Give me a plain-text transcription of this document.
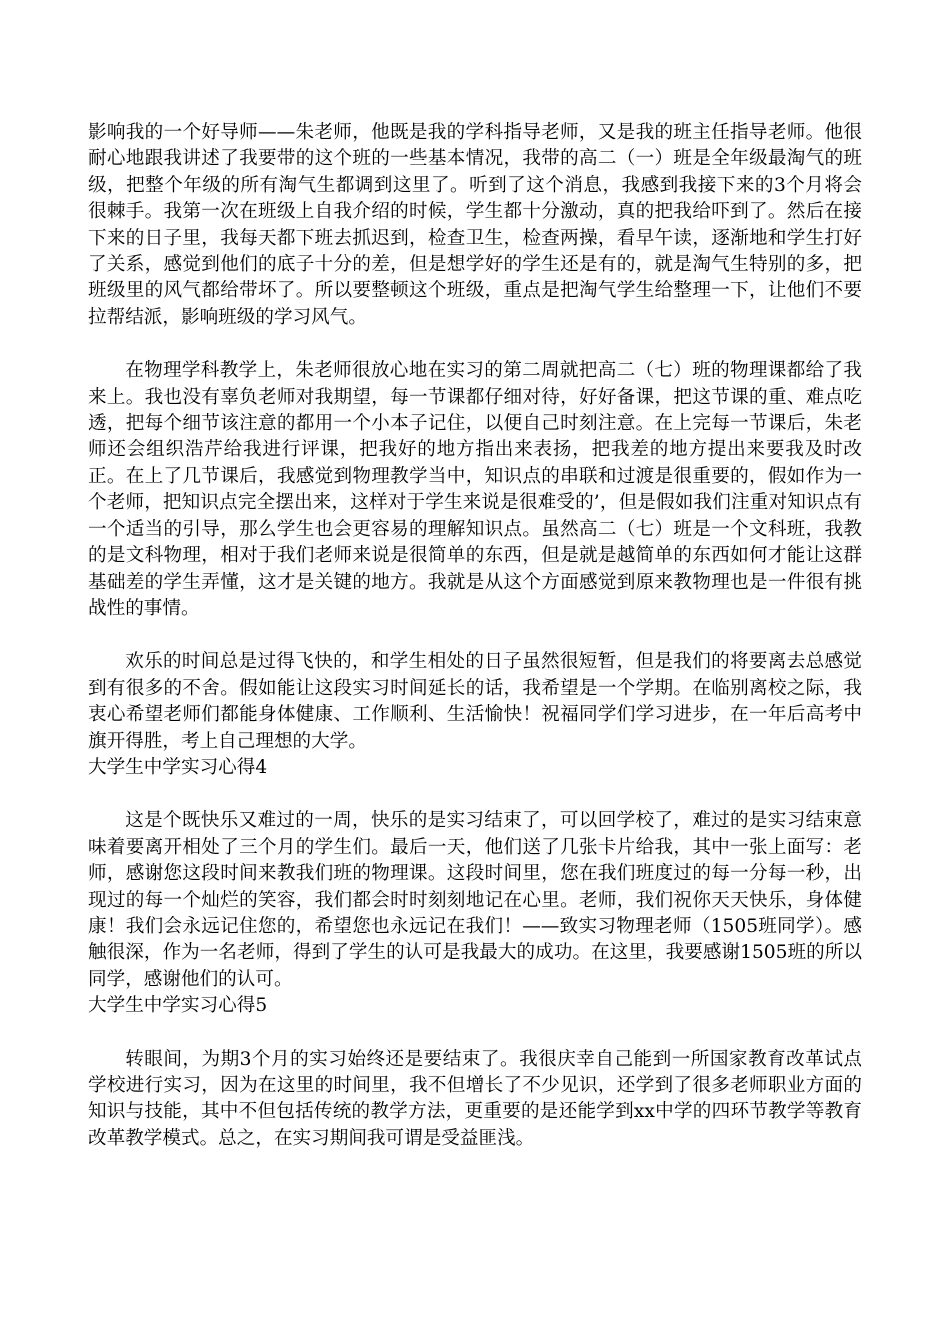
影响我的一个好导师——朱老师，他既是我的学科指导老师，又是我的班主任指导老师。他很耐心地跟我讲述了我要带的这个班的一些基本情况，我带的高二（一）班是全年级最淘气的班级，把整个年级的所有淘气生都调到这里了。听到了这个消息，我感到我接下来的3个月将会很棘手。我第一次在班级上自我介绍的时候，学生都十分激动，真的把我给吓到了。然后在接下来的日子里，我每天都下班去抓迟到，检查卫生，检查两操，看早午读，逐渐地和学生打好了关系，感觉到他们的底子十分的差，但是想学好的学生还是有的，就是淘气生特别的多，把班级里的风气都给带坏了。所以要整顿这个班级，重点是把淘气学生给整理一下，让他们不要拉帮结派，影响班级的学习风气。

在物理学科教学上，朱老师很放心地在实习的第二周就把高二（七）班的物理课都给了我来上。我也没有辜负老师对我期望，每一节课都仔细对待，好好备课，把这节课的重、难点吃透，把每个细节该注意的都用一个小本子记住，以便自己时刻注意。在上完每一节课后，朱老师还会组织浩芹给我进行评课，把我好的地方指出来表扬，把我差的地方提出来要我及时改正。在上了几节课后，我感觉到物理教学当中，知识点的串联和过渡是很重要的，假如作为一个老师，把知识点完全摆出来，这样对于学生来说是很难受的’，但是假如我们注重对知识点有一个适当的引导，那么学生也会更容易的理解知识点。虽然高二（七）班是一个文科班，我教的是文科物理，相对于我们老师来说是很简单的东西，但是就是越简单的东西如何才能让这群基础差的学生弄懂，这才是关键的地方。我就是从这个方面感觉到原来教物理也是一件很有挑战性的事情。

欢乐的时间总是过得飞快的，和学生相处的日子虽然很短暂，但是我们的将要离去总感觉到有很多的不舍。假如能让这段实习时间延长的话，我希望是一个学期。在临别离校之际，我衷心希望老师们都能身体健康、工作顺利、生活愉快！祝福同学们学习进步，在一年后高考中旗开得胜，考上自己理想的大学。

大学生中学实习心得4

这是个既快乐又难过的一周，快乐的是实习结束了，可以回学校了，难过的是实习结束意味着要离开相处了三个月的学生们。最后一天，他们送了几张卡片给我，其中一张上面写：老师，感谢您这段时间来教我们班的物理课。这段时间里，您在我们班度过的每一分每一秒，出现过的每一个灿烂的笑容，我们都会时时刻刻地记在心里。老师，我们祝你天天快乐，身体健康！我们会永远记住您的，希望您也永远记在我们！——致实习物理老师（1505班同学）。感触很深，作为一名老师，得到了学生的认可是我最大的成功。在这里，我要感谢1505班的所以同学，感谢他们的认可。

大学生中学实习心得5

转眼间，为期3个月的实习始终还是要结束了。我很庆幸自己能到一所国家教育改革试点学校进行实习，因为在这里的时间里，我不但增长了不少见识，还学到了很多老师职业方面的知识与技能，其中不但包括传统的教学方法，更重要的是还能学到xx中学的四环节教学等教育改革教学模式。总之，在实习期间我可谓是受益匪浅。
